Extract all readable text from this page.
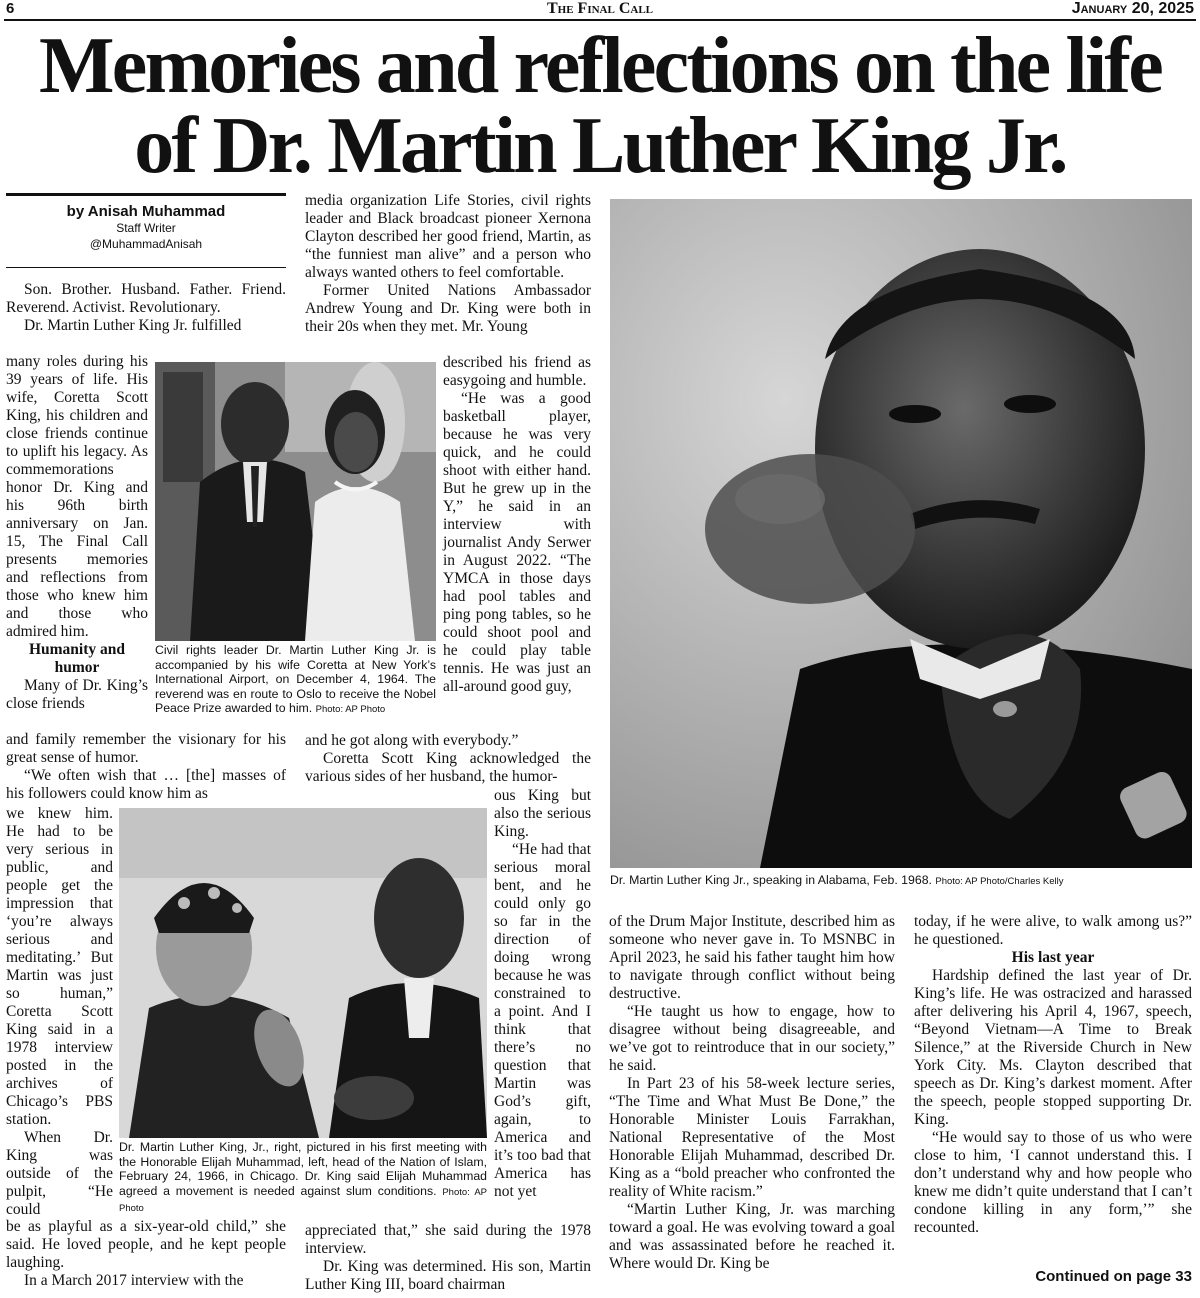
6	The Final Call	January 20, 2025
Memories and reflections on the life
of Dr. Martin Luther King Jr.
by Anisah Muhammad
Staff Writer
@MuhammadAnisah

Son. Brother. Husband. Father. Friend. Reverend. Activist. Revolutionary.

Dr. Martin Luther King Jr. fulfilled

many roles during his 39 years of life. His wife, Coretta Scott King, his children and close friends continue to uplift his legacy. As commemorations honor Dr. King and his 96th birth anniversary on Jan. 15, The Final Call presents memories and reflections from those who knew him and those who admired him.

Humanity and humor

Many of Dr. King’s close friends

and family remember the visionary for his great sense of humor.

“We often wish that … [the] masses of his followers could know him as

we knew him. He had to be very serious in public, and people get the impression that ‘you’re always serious and meditating.’ But Martin was just so human,” Coretta Scott King said in a 1978 interview posted in the archives of Chicago’s PBS station.

When Dr. King was outside of the pulpit, “He could

be as playful as a six-year-old child,” she said. He loved people, and he kept people laughing.

In a March 2017 interview with the

media organization Life Stories, civil rights leader and Black broadcast pioneer Xernona Clayton described her good friend, Martin, as “the funniest man alive” and a person who always wanted others to feel comfortable.

Former United Nations Ambassador Andrew Young and Dr. King were both in their 20s when they met. Mr. Young

described his friend as easygoing and humble.

“He was a good basketball player, because he was very quick, and he could shoot with either hand. But he grew up in the Y,” he said in an interview with journalist Andy Serwer in August 2022. “The YMCA in those days had pool tables and ping pong tables, so he could shoot pool and he could play table tennis. He was just an all-around good guy,

and he got along with everybody.”

Coretta Scott King acknowledged the various sides of her husband, the humor-

ous King but also the serious King.

“He had that serious moral bent, and he could only go so far in the direction of doing wrong because he was constrained to a point. And I think that there’s no question that Martin was God’s gift, again, to America and it’s too bad that America has not yet

appreciated that,” she said during the 1978 interview.

Dr. King was determined. His son, Martin Luther King III, board chairman

of the Drum Major Institute, described him as someone who never gave in. To MSNBC in April 2023, he said his father taught him how to navigate through conflict without being destructive.

“He taught us how to engage, how to disagree without being disagreeable, and we’ve got to reintroduce that in our society,” he said.

In Part 23 of his 58-week lecture series, “The Time and What Must Be Done,” the Honorable Minister Louis Farrakhan, National Representative of the Most Honorable Elijah Muhammad, described Dr. King as a “bold preacher who confronted the reality of White racism.”

“Martin Luther King, Jr. was marching toward a goal. He was evolving toward a goal and was assassinated before he reached it. Where would Dr. King be

today, if he were alive, to walk among us?” he questioned.

His last year

Hardship defined the last year of Dr. King’s life. He was ostracized and harassed after delivering his April 4, 1967, speech, “Beyond Vietnam—A Time to Break Silence,” at the Riverside Church in New York City. Ms. Clayton described that speech as Dr. King’s darkest moment. After the speech, people stopped supporting Dr. King.

“He would say to those of us who were close to him, ‘I cannot understand this. I don’t understand why and how people who knew me didn’t quite understand that I can’t condone killing in any form,’” she recounted.

Civil rights leader Dr. Martin Luther King Jr. is accompanied by his wife Coretta at New York’s International Airport, on December 4, 1964. The reverend was en route to Oslo to receive the Nobel Peace Prize awarded to him. Photo: AP Photo
Dr. Martin Luther King, Jr., right, pictured in his first meeting with the Honorable Elijah Muhammad, left, head of the Nation of Islam, February 24, 1966, in Chicago. Dr. King said Elijah Muhammad agreed a movement is needed against slum conditions. Photo: AP Photo
Dr. Martin Luther King Jr., speaking in Alabama, Feb. 1968. Photo: AP Photo/Charles Kelly
Continued on page 33
